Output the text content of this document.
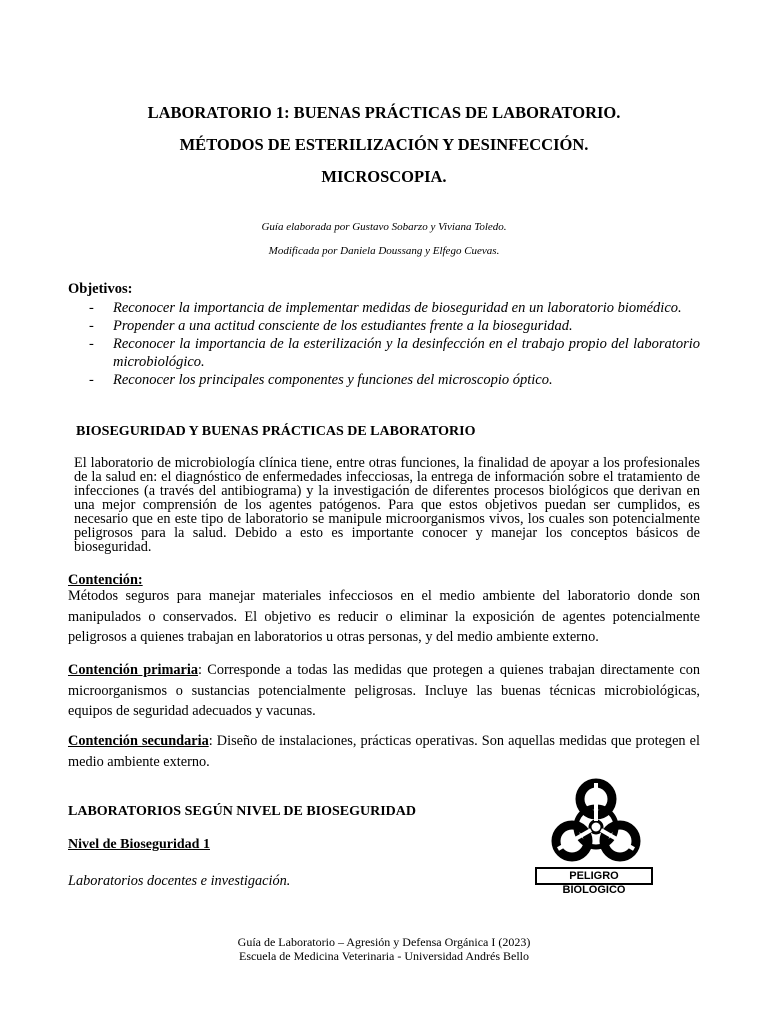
LABORATORIO 1: BUENAS PRÁCTICAS DE LABORATORIO.
MÉTODOS DE ESTERILIZACIÓN Y DESINFECCIÓN.
MICROSCOPIA.
Guía elaborada por Gustavo Sobarzo y Viviana Toledo.
Modificada por Daniela Doussang y Elfego Cuevas.
Objetivos:
- Reconocer la importancia de implementar medidas de bioseguridad en un laboratorio biomédico.
- Propender a una actitud consciente de los estudiantes frente a la bioseguridad.
- Reconocer la importancia de la esterilización y la desinfección en el trabajo propio del laboratorio microbiológico.
- Reconocer los principales componentes y funciones del microscopio óptico.
BIOSEGURIDAD Y BUENAS PRÁCTICAS DE LABORATORIO

El laboratorio de microbiología clínica tiene, entre otras funciones, la finalidad de apoyar a los profesionales de la salud en: el diagnóstico de enfermedades infecciosas, la entrega de información sobre el tratamiento de infecciones (a través del antibiograma) y la investigación de diferentes procesos biológicos que derivan en una mejor comprensión de los agentes patógenos. Para que estos objetivos puedan ser cumplidos, es necesario que en este tipo de laboratorio se manipule microorganismos vivos, los cuales son potencialmente peligrosos para la salud. Debido a esto es importante conocer y manejar los conceptos básicos de bioseguridad.

Contención:

Métodos seguros para manejar materiales infecciosos en el medio ambiente del laboratorio donde son manipulados o conservados. El objetivo es reducir o eliminar la exposición de agentes potencialmente peligrosos a quienes trabajan en laboratorios u otras personas, y del medio ambiente externo.

Contención primaria: Corresponde a todas las medidas que protegen a quienes trabajan directamente con microorganismos o sustancias potencialmente peligrosas. Incluye las buenas técnicas microbiológicas, equipos de seguridad adecuados y vacunas.

Contención secundaria: Diseño de instalaciones, prácticas operativas. Son aquellas medidas que protegen el medio ambiente externo.

LABORATORIOS SEGÚN NIVEL DE BIOSEGURIDAD
Nivel de Bioseguridad 1
Laboratorios docentes e investigación.	PELIGRO BIOLÓGICO
Guía de Laboratorio – Agresión y Defensa Orgánica I (2023)
Escuela de Medicina Veterinaria - Universidad Andrés Bello
